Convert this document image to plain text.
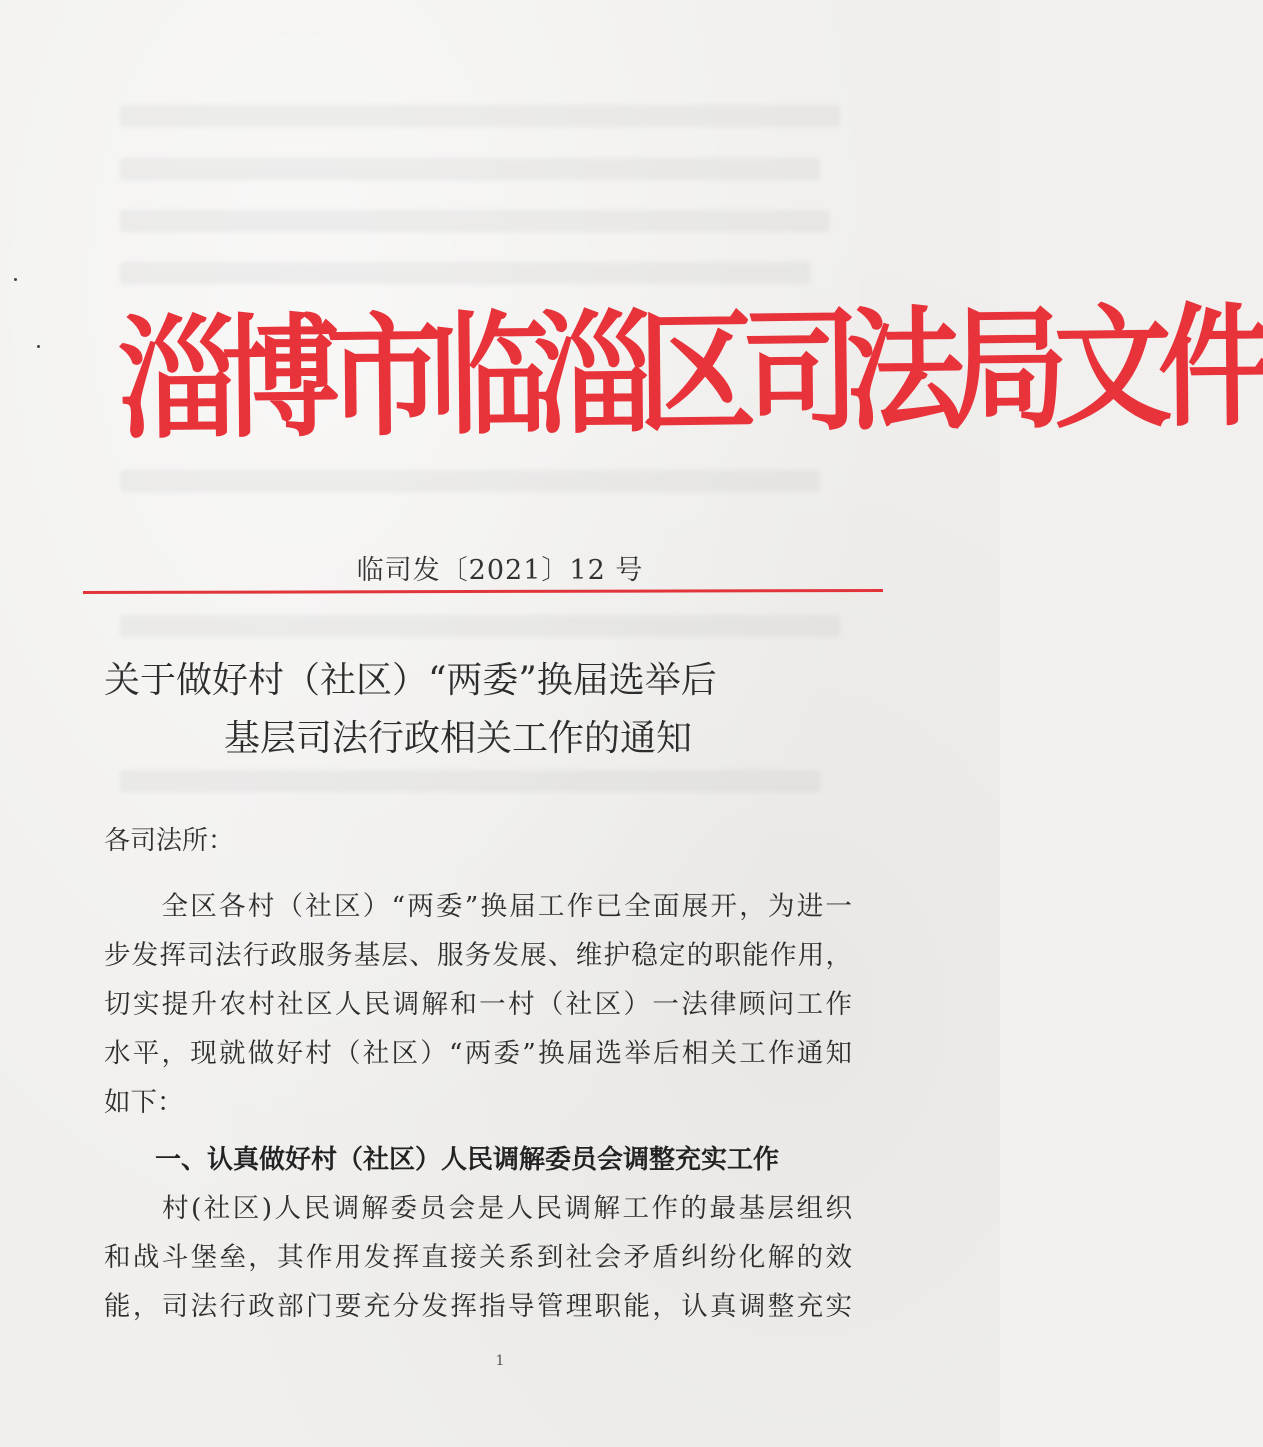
淄博市临淄区司法局文件
临司发〔2021〕12 号
关于做好村（社区）“两委”换届选举后
基层司法行政相关工作的通知
各司法所：

　　全区各村（社区）“两委”换届工作已全面展开，为进一
步发挥司法行政服务基层、服务发展、维护稳定的职能作用，
切实提升农村社区人民调解和一村（社区）一法律顾问工作
水平，现就做好村（社区）“两委”换届选举后相关工作通知
如下：

一、认真做好村（社区）人民调解委员会调整充实工作

　　村(社区)人民调解委员会是人民调解工作的最基层组织
和战斗堡垒，其作用发挥直接关系到社会矛盾纠纷化解的效
能，司法行政部门要充分发挥指导管理职能，认真调整充实

1
